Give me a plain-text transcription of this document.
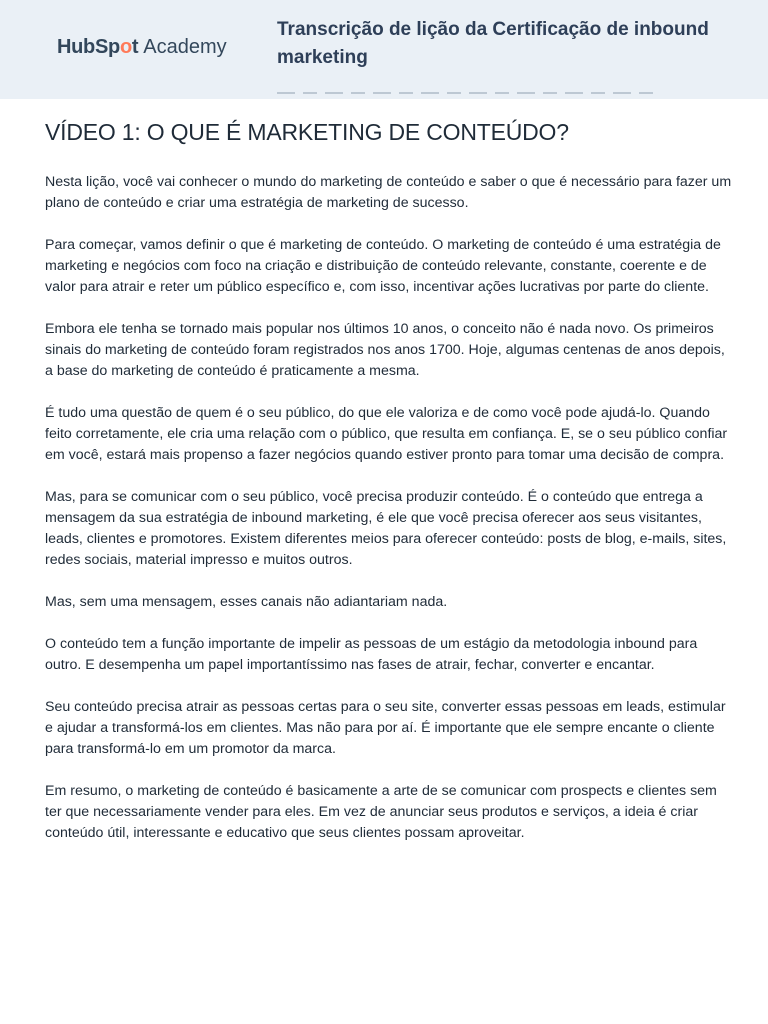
HubSpot Academy
Transcrição de lição da Certificação de inbound marketing
VÍDEO 1: O QUE É MARKETING DE CONTEÚDO?

Nesta lição, você vai conhecer o mundo do marketing de conteúdo e saber o que é necessário para fazer um plano de conteúdo e criar uma estratégia de marketing de sucesso.

Para começar, vamos definir o que é marketing de conteúdo. O marketing de conteúdo é uma estratégia de marketing e negócios com foco na criação e distribuição de conteúdo relevante, constante, coerente e de valor para atrair e reter um público específico e, com isso, incentivar ações lucrativas por parte do cliente.

Embora ele tenha se tornado mais popular nos últimos 10 anos, o conceito não é nada novo. Os primeiros sinais do marketing de conteúdo foram registrados nos anos 1700. Hoje, algumas centenas de anos depois, a base do marketing de conteúdo é praticamente a mesma.

É tudo uma questão de quem é o seu público, do que ele valoriza e de como você pode ajudá-lo. Quando feito corretamente, ele cria uma relação com o público, que resulta em confiança. E, se o seu público confiar em você, estará mais propenso a fazer negócios quando estiver pronto para tomar uma decisão de compra.

Mas, para se comunicar com o seu público, você precisa produzir conteúdo. É o conteúdo que entrega a mensagem da sua estratégia de inbound marketing, é ele que você precisa oferecer aos seus visitantes, leads, clientes e promotores. Existem diferentes meios para oferecer conteúdo: posts de blog, e-mails, sites, redes sociais, material impresso e muitos outros.

Mas, sem uma mensagem, esses canais não adiantariam nada.

O conteúdo tem a função importante de impelir as pessoas de um estágio da metodologia inbound para outro. E desempenha um papel importantíssimo nas fases de atrair, fechar, converter e encantar.

Seu conteúdo precisa atrair as pessoas certas para o seu site, converter essas pessoas em leads, estimular e ajudar a transformá-los em clientes. Mas não para por aí. É importante que ele sempre encante o cliente para transformá-lo em um promotor da marca.

Em resumo, o marketing de conteúdo é basicamente a arte de se comunicar com prospects e clientes sem ter que necessariamente vender para eles. Em vez de anunciar seus produtos e serviços, a ideia é criar conteúdo útil, interessante e educativo que seus clientes possam aproveitar.
